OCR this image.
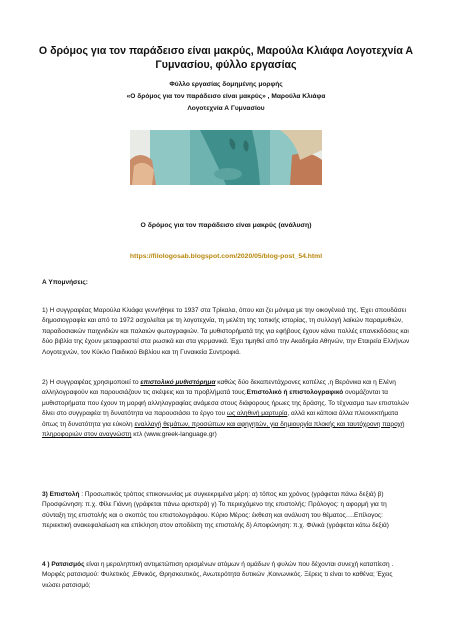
Ο δρόμος για τον παράδεισο είναι μακρύς, Μαρούλα Κλιάφα Λογοτεχνία Α Γυμνασίου, φύλλο εργασίας
Φύλλο εργασίας δομημένης μορφής
«Ο δρόμος για τον παράδεισο είναι μακρύς» , Μαρούλα Κλιάφα
Λογοτεχνία Α Γυμνασίου
Ο δρόμος για τον παράδεισο είναι μακρύς (ανάλυση)
https://filologosab.blogspot.com/2020/05/blog-post_54.html
Α Υπομνήσεις:

1) Η συγγραφέας Μαρούλα Κλιάφα γεννήθηκε το 1937 στα Τρίκαλα, όπου και ζει μόνιμα με την οικογένειά της. Έχει σπουδάσει δημοσιογραφία και από το 1972 ασχολείται με τη λογοτεχνία, τη μελέτη της τοπικής ιστορίας, τη συλλογή λαϊκών παραμυθιών, παραδοσιακών παιχνιδιών και παλαιών φωτογραφιών. Τα μυθιστορήματά της για εφήβους έχουν κάνει πολλές επανεκδόσεις και δύο βιβλία της έχουν μεταφραστεί στα ρωσικά και στα γερμανικά. Έχει τιμηθεί από την Ακαδημία Αθηνών, την Εταιρεία Ελλήνων Λογοτεχνών, τον Κύκλο Παιδικού Βιβλίου και τη Γυναικεία Συντροφιά.

2) Η συγγραφέας χρησιμοποιεί το επιστολικό μυθιστόρημα καθώς δύο δεκαπεντάχρονες κοπέλες ,η Βερόνικα και η Ελένη αλληλογραφούν και παρουσιάζουν τις σκέψεις και τα προβλήματά τους.Επιστολικό ή επιστολογραφικό ονομάζονται τα μυθιστορήματα που έχουν τη μορφή αλληλογραφίας ανάμεσα στους διάφορους ήρωες της δράσης. Το τέχνασμα των επιστολών δίνει στο συγγραφέα τη δυνατότητα να παρουσιάσει το έργο του ως αληθινή μαρτυρία, αλλά και κάποια άλλα πλεονεκτήματα όπως τη δυνατότητα για εύκολη εναλλαγή θεμάτων, προσώπων και αφηγητών, για δημιουργία πλοκής και ταυτόχρονη παροχή πληροφοριών στον αναγνώστη κτλ (www.greek-language.gr)

3) Επιστολή : Προσωπικός τρόπος επικοινωνίας με συγκεκριμένα μέρη: α) τόπος και χρόνος (γράφεται πάνω δεξιά) β) Προσφώνηση: π.χ. Φίλε Γιάννη (γράφεται πάνω αριστερά) γ) Το περιεχόμενο της επιστολής: Πρόλογος: η αφορμή για τη σύνταξη της επιστολής και ο σκοπός του επιστολογράφου. Κύριο Μέρος: έκθεση και ανάλυση του θέματος….Επίλογος: περιεκτική ανακεφαλαίωση και επίκληση στον αποδέκτη της επιστολής δ) Αποφώνηση: π.χ. Φιλικά (γράφεται κάτω δεξιά)

4 ) Ρατσισμός είναι η μεροληπτική αντιμετώπιση ορισμένων ατόμων ή ομάδων ή φυλών που δέχονται συνεχή καταπίεση . Μορφές ρατσισμού: Φυλετικός ,Εθνικός, Θρησκευτικός, Ανωτερότητα δυτικών ,Κοινωνικός. Ξέρεις τι είναι το καθένα; Έχεις νιώσει ρατσισμό;
